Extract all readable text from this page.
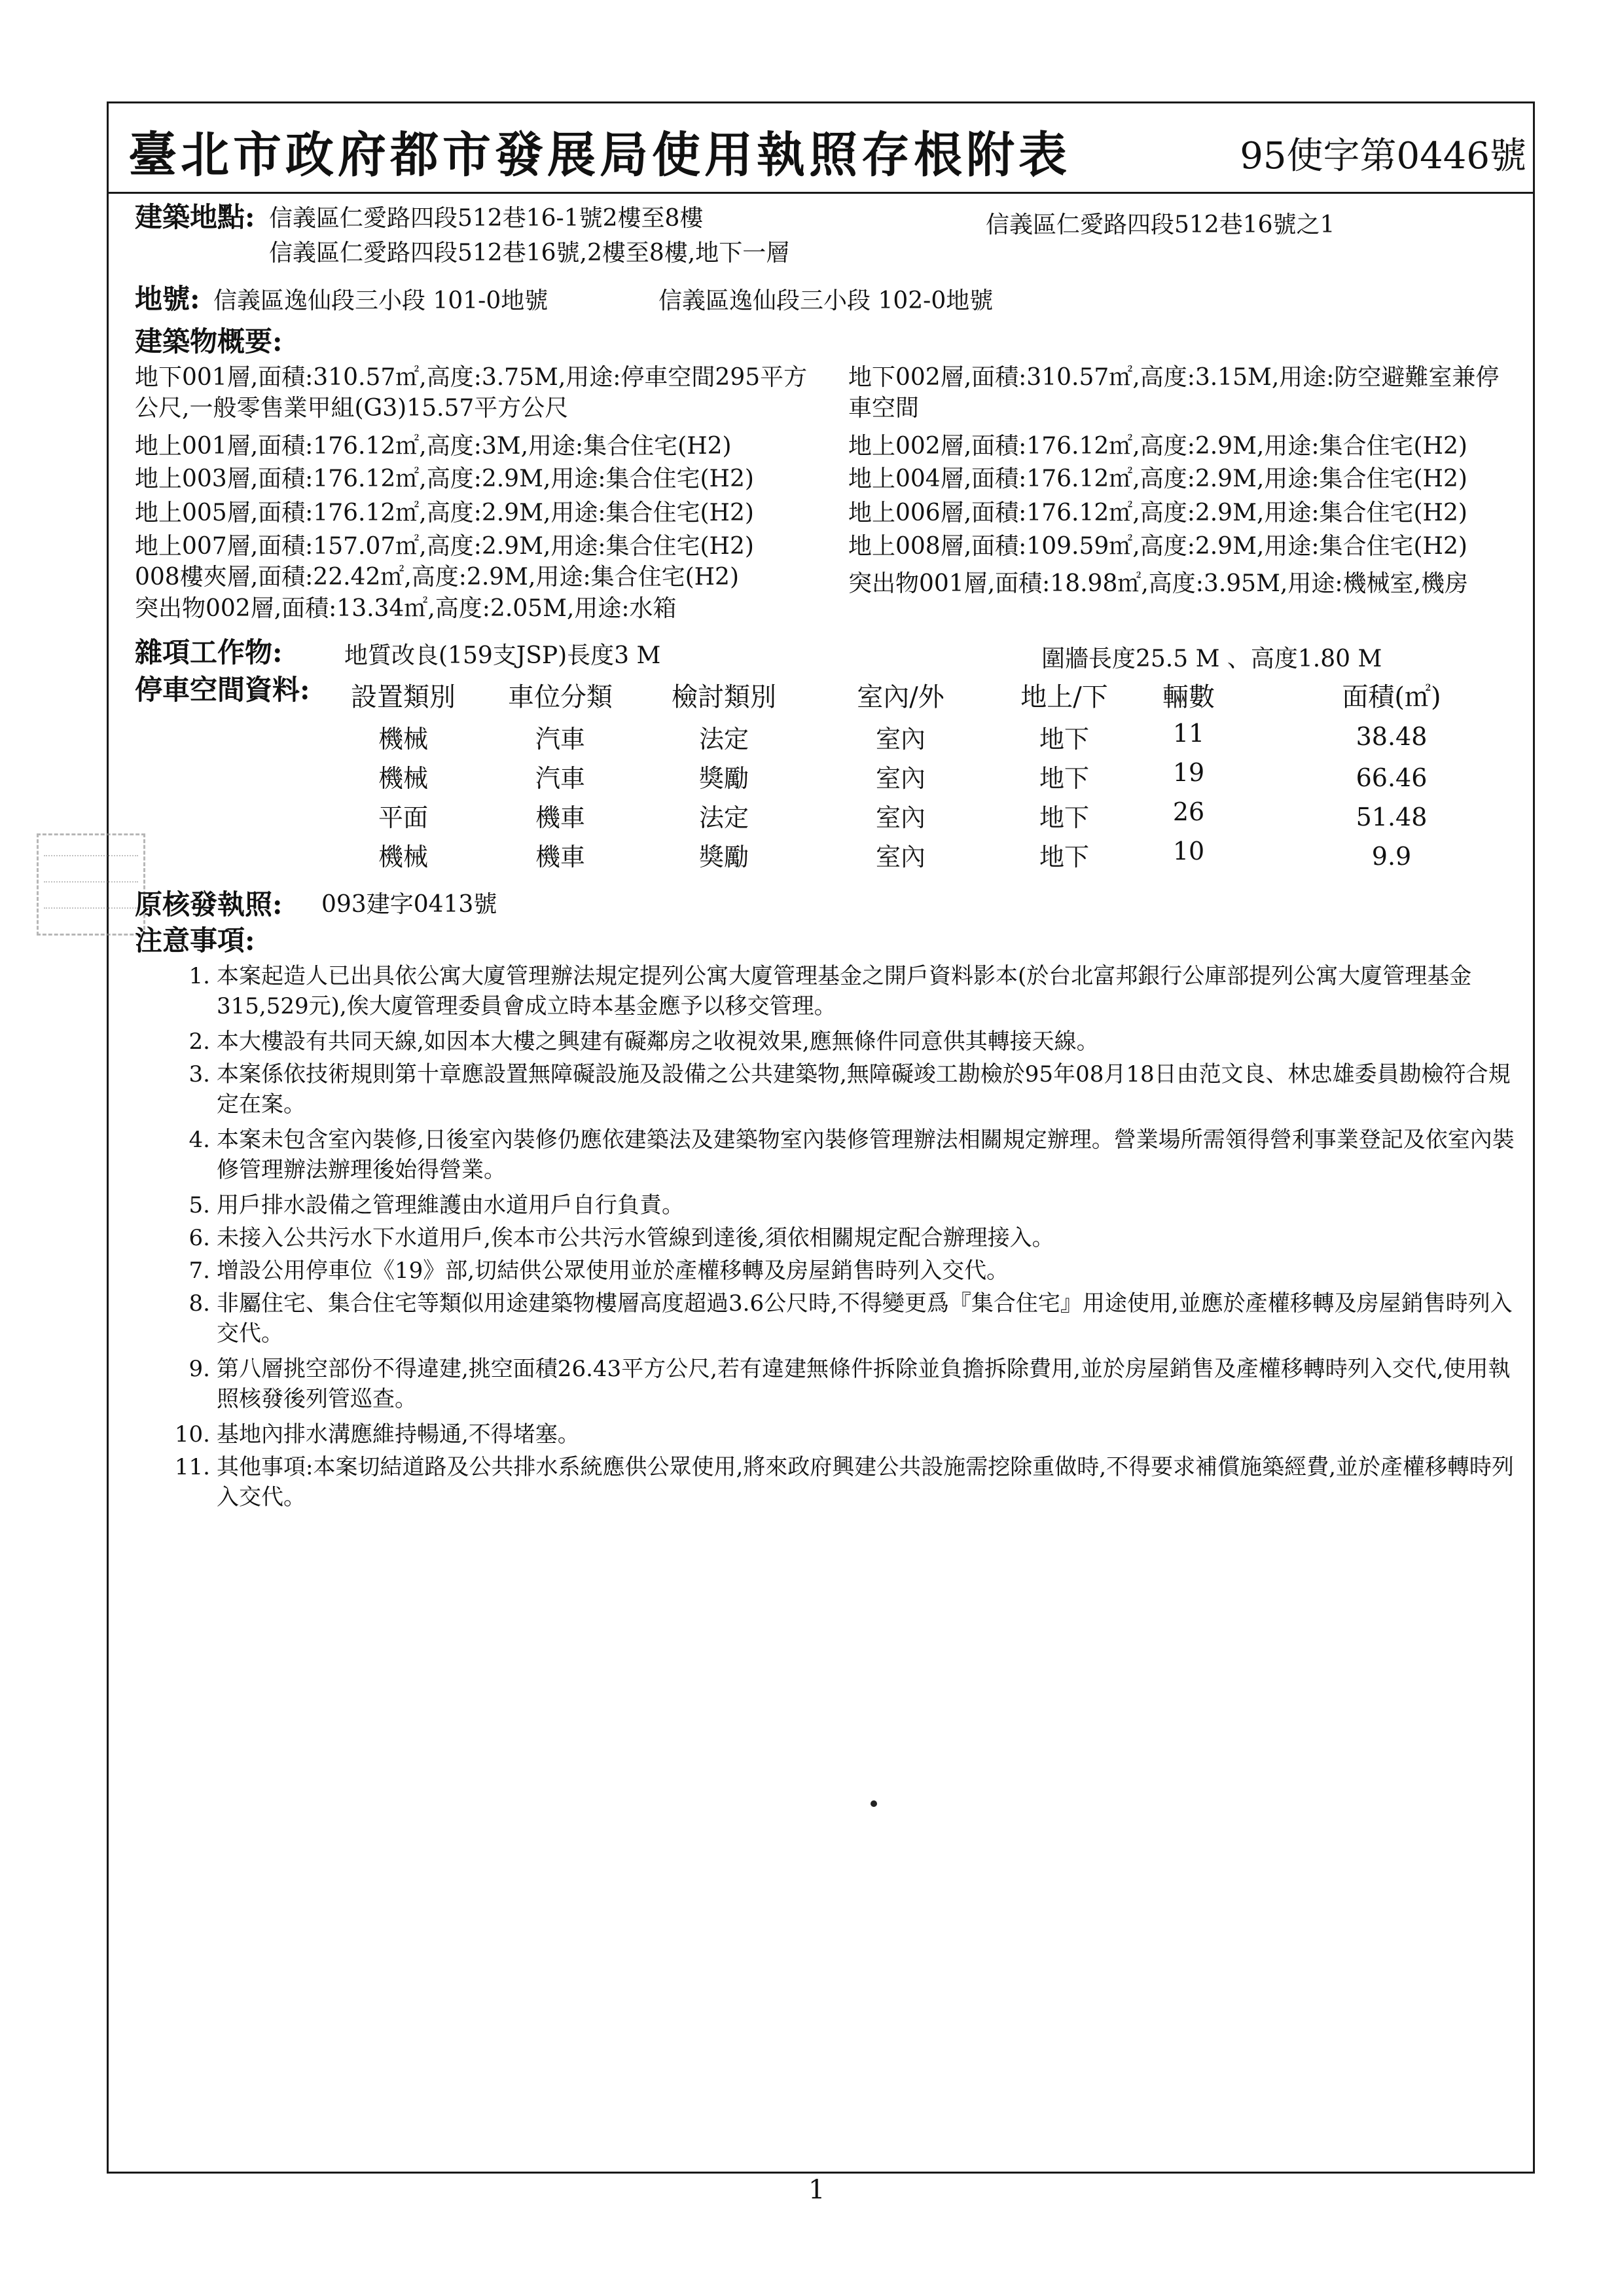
臺北市政府都市發展局使用執照存根附表	95使字第0446號
建築地點: 信義區仁愛路四段512巷16-1號2樓至8樓	信義區仁愛路四段512巷16號之1
信義區仁愛路四段512巷16號,2樓至8樓,地下一層
地號: 信義區逸仙段三小段 101-0地號	信義區逸仙段三小段 102-0地號
建築物概要:
地下001層,面積:310.57㎡,高度:3.75M,用途:停車空間295平方
公尺,一般零售業甲組(G3)15.57平方公尺
地上001層,面積:176.12㎡,高度:3M,用途:集合住宅(H2)
地上003層,面積:176.12㎡,高度:2.9M,用途:集合住宅(H2)
地上005層,面積:176.12㎡,高度:2.9M,用途:集合住宅(H2)
地上007層,面積:157.07㎡,高度:2.9M,用途:集合住宅(H2)
008樓夾層,面積:22.42㎡,高度:2.9M,用途:集合住宅(H2)
突出物002層,面積:13.34㎡,高度:2.05M,用途:水箱
地下002層,面積:310.57㎡,高度:3.15M,用途:防空避難室兼停
車空間
地上002層,面積:176.12㎡,高度:2.9M,用途:集合住宅(H2)
地上004層,面積:176.12㎡,高度:2.9M,用途:集合住宅(H2)
地上006層,面積:176.12㎡,高度:2.9M,用途:集合住宅(H2)
地上008層,面積:109.59㎡,高度:2.9M,用途:集合住宅(H2)
突出物001層,面積:18.98㎡,高度:3.95M,用途:機械室,機房
雜項工作物:	地質改良(159支JSP)長度3 M	圍牆長度25.5 M 、高度1.80 M
停車空間資料:	設置類別	車位分類	檢討類別	室內/外	地上/下	輛數	面積(㎡)
機械	汽車	法定	室內	地下	11	38.48
機械	汽車	獎勵	室內	地下	19	66.46
平面	機車	法定	室內	地下	26	51.48
機械	機車	獎勵	室內	地下	10	9.9
原核發執照: 093建字0413號
注意事項:
1. 本案起造人已出具依公寓大廈管理辦法規定提列公寓大廈管理基金之開戶資料影本(於台北富邦銀行公庫部提列公寓大廈管理基金315,529元),俟大廈管理委員會成立時本基金應予以移交管理。
2. 本大樓設有共同天線,如因本大樓之興建有礙鄰房之收視效果,應無條件同意供其轉接天線。
3. 本案係依技術規則第十章應設置無障礙設施及設備之公共建築物,無障礙竣工勘檢於95年08月18日由范文良、林忠雄委員勘檢符合規定在案。
4. 本案未包含室內裝修,日後室內裝修仍應依建築法及建築物室內裝修管理辦法相關規定辦理。營業場所需領得營利事業登記及依室內裝修管理辦法辦理後始得營業。
5. 用戶排水設備之管理維護由水道用戶自行負責。
6. 未接入公共污水下水道用戶,俟本市公共污水管線到達後,須依相關規定配合辦理接入。
7. 增設公用停車位《19》部,切結供公眾使用並於產權移轉及房屋銷售時列入交代。
8. 非屬住宅、集合住宅等類似用途建築物樓層高度超過3.6公尺時,不得變更爲『集合住宅』用途使用,並應於產權移轉及房屋銷售時列入交代。
9. 第八層挑空部份不得違建,挑空面積26.43平方公尺,若有違建無條件拆除並負擔拆除費用,並於房屋銷售及產權移轉時列入交代,使用執照核發後列管巡查。
10. 基地內排水溝應維持暢通,不得堵塞。
11. 其他事項:本案切結道路及公共排水系統應供公眾使用,將來政府興建公共設施需挖除重做時,不得要求補償施築經費,並於產權移轉時列入交代。
1
